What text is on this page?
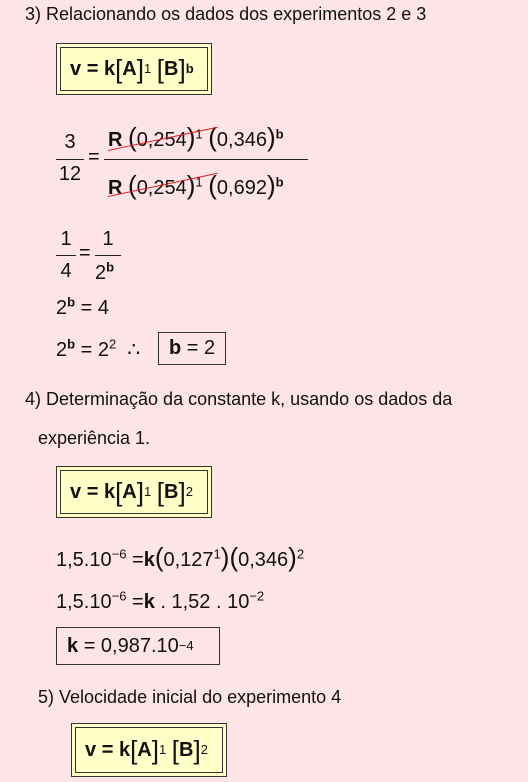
3) Relacionando os dados dos experimentos 2 e 3
v
=
k [ A ] 1
[ B ] b
3
12
=
R $(0,254)^1$ $(0,346)^b$
R $(0,254)^1$ $(0,692)^b$
1
4
=
1
2$^b$
$2^b = 4$
$2^b = 2^2$ ∴ b
= 2
4) Determinação da constante k, usando os dados da
experiência 1.
v
=
k [ A ] 1
[ B ] 2
$1,5.10^{-6} =k(0,127^1)(0,346)^2$
$1,5.10^{-6} =k$ . 1,52 . $10^{-2}$
k
= 0,987.10 −4
5) Velocidade inicial do experimento 4
v
=
k [ A ] 1
[ B ] 2
